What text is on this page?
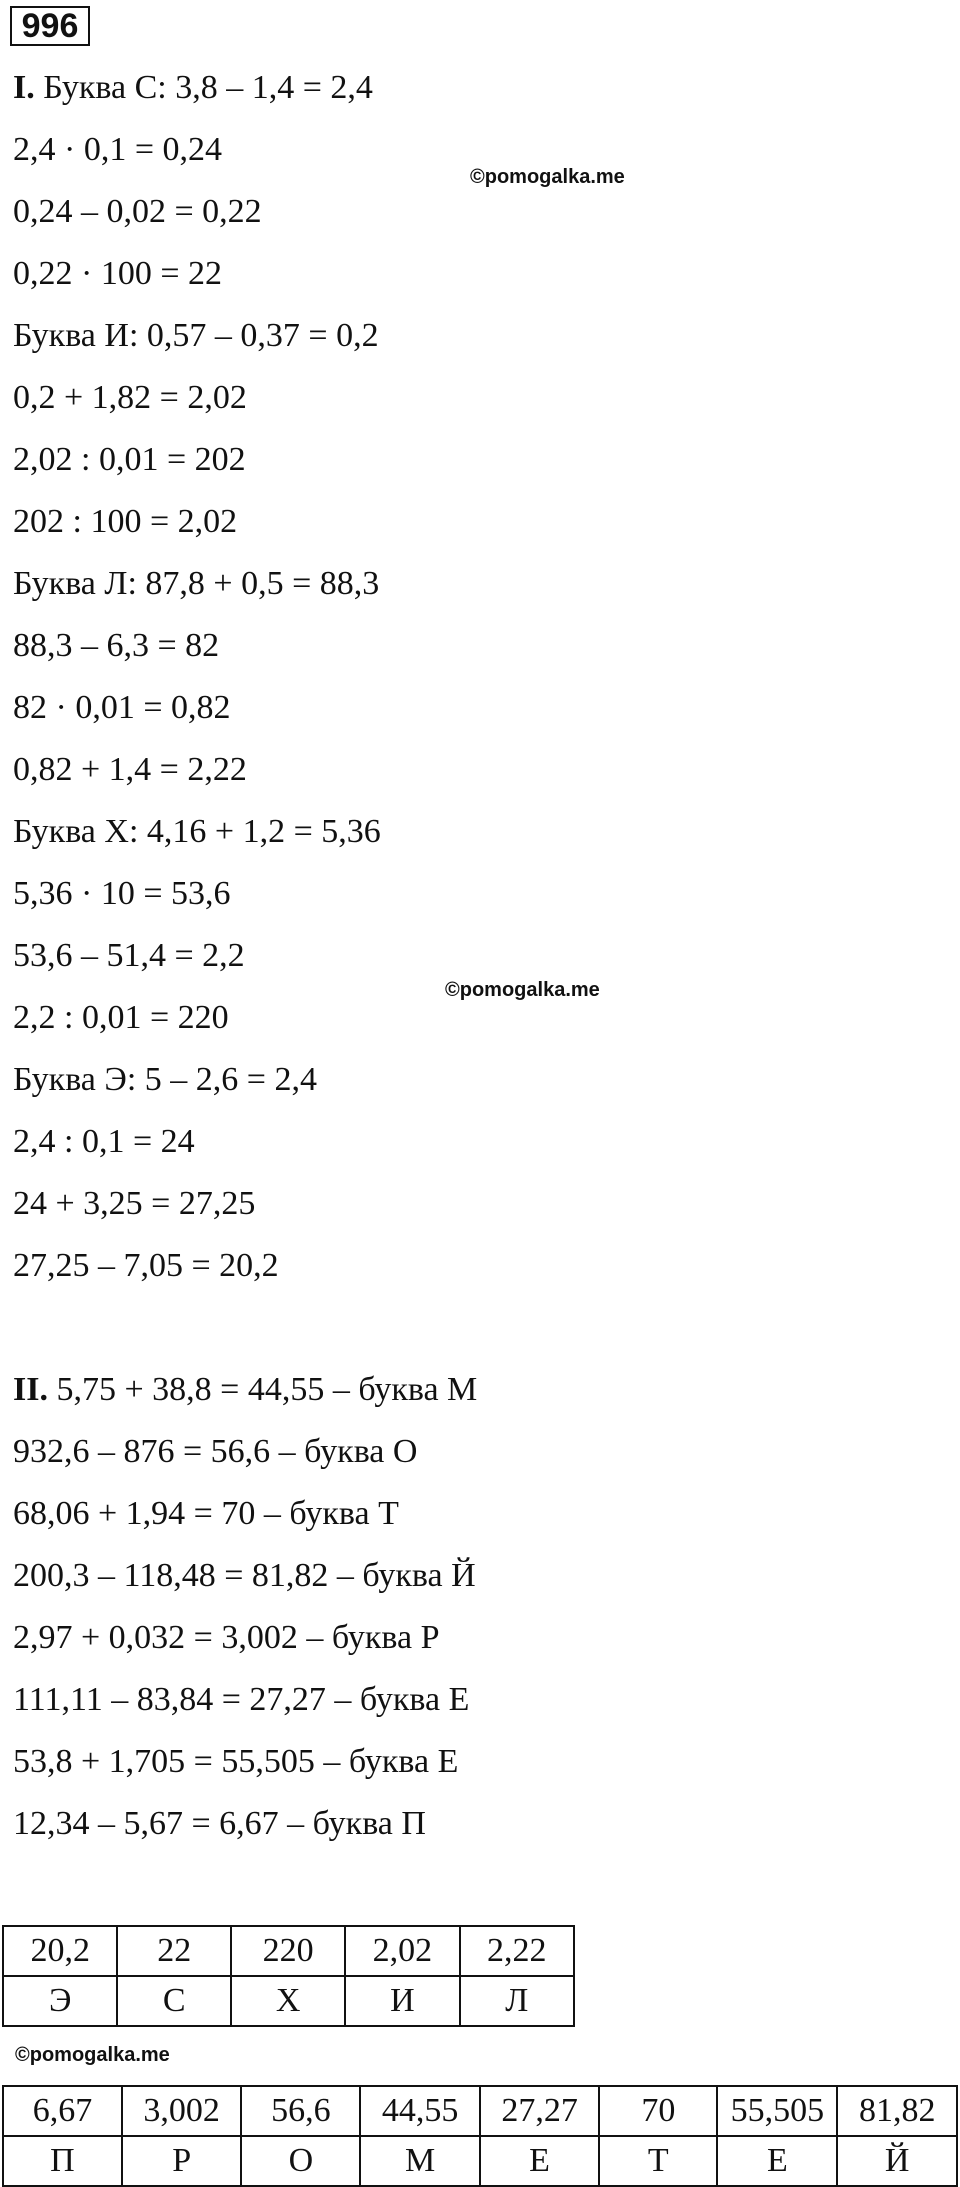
996
I. Буква С: 3,8 – 1,4 = 2,4
2,4 · 0,1 = 0,24
0,24 – 0,02 = 0,22
0,22 · 100 = 22
Буква И: 0,57 – 0,37 = 0,2
0,2 + 1,82 = 2,02
2,02 : 0,01 = 202
202 : 100 = 2,02
Буква Л: 87,8 + 0,5 = 88,3
88,3 – 6,3 = 82
82 · 0,01 = 0,82
0,82 + 1,4 = 2,22
Буква Х: 4,16 + 1,2 = 5,36
5,36 · 10 = 53,6
53,6 – 51,4 = 2,2
2,2 : 0,01 = 220
Буква Э: 5 – 2,6 = 2,4
2,4 : 0,1 = 24
24 + 3,25 = 27,25
27,25 – 7,05 = 20,2
II. 5,75 + 38,8 = 44,55 – буква М
932,6 – 876 = 56,6 – буква О
68,06 + 1,94 = 70 – буква Т
200,3 – 118,48 = 81,82 – буква Й
2,97 + 0,032 = 3,002 – буква Р
111,11 – 83,84 = 27,27 – буква Е
53,8 + 1,705 = 55,505 – буква Е
12,34 – 5,67 = 6,67 – буква П
©pomogalka.me
©pomogalka.me
©pomogalka.me
20,2	22	220	2,02	2,22
Э	С	Х	И	Л
6,67	3,002	56,6	44,55	27,27	70	55,505	81,82
П	Р	О	М	Е	Т	Е	Й
